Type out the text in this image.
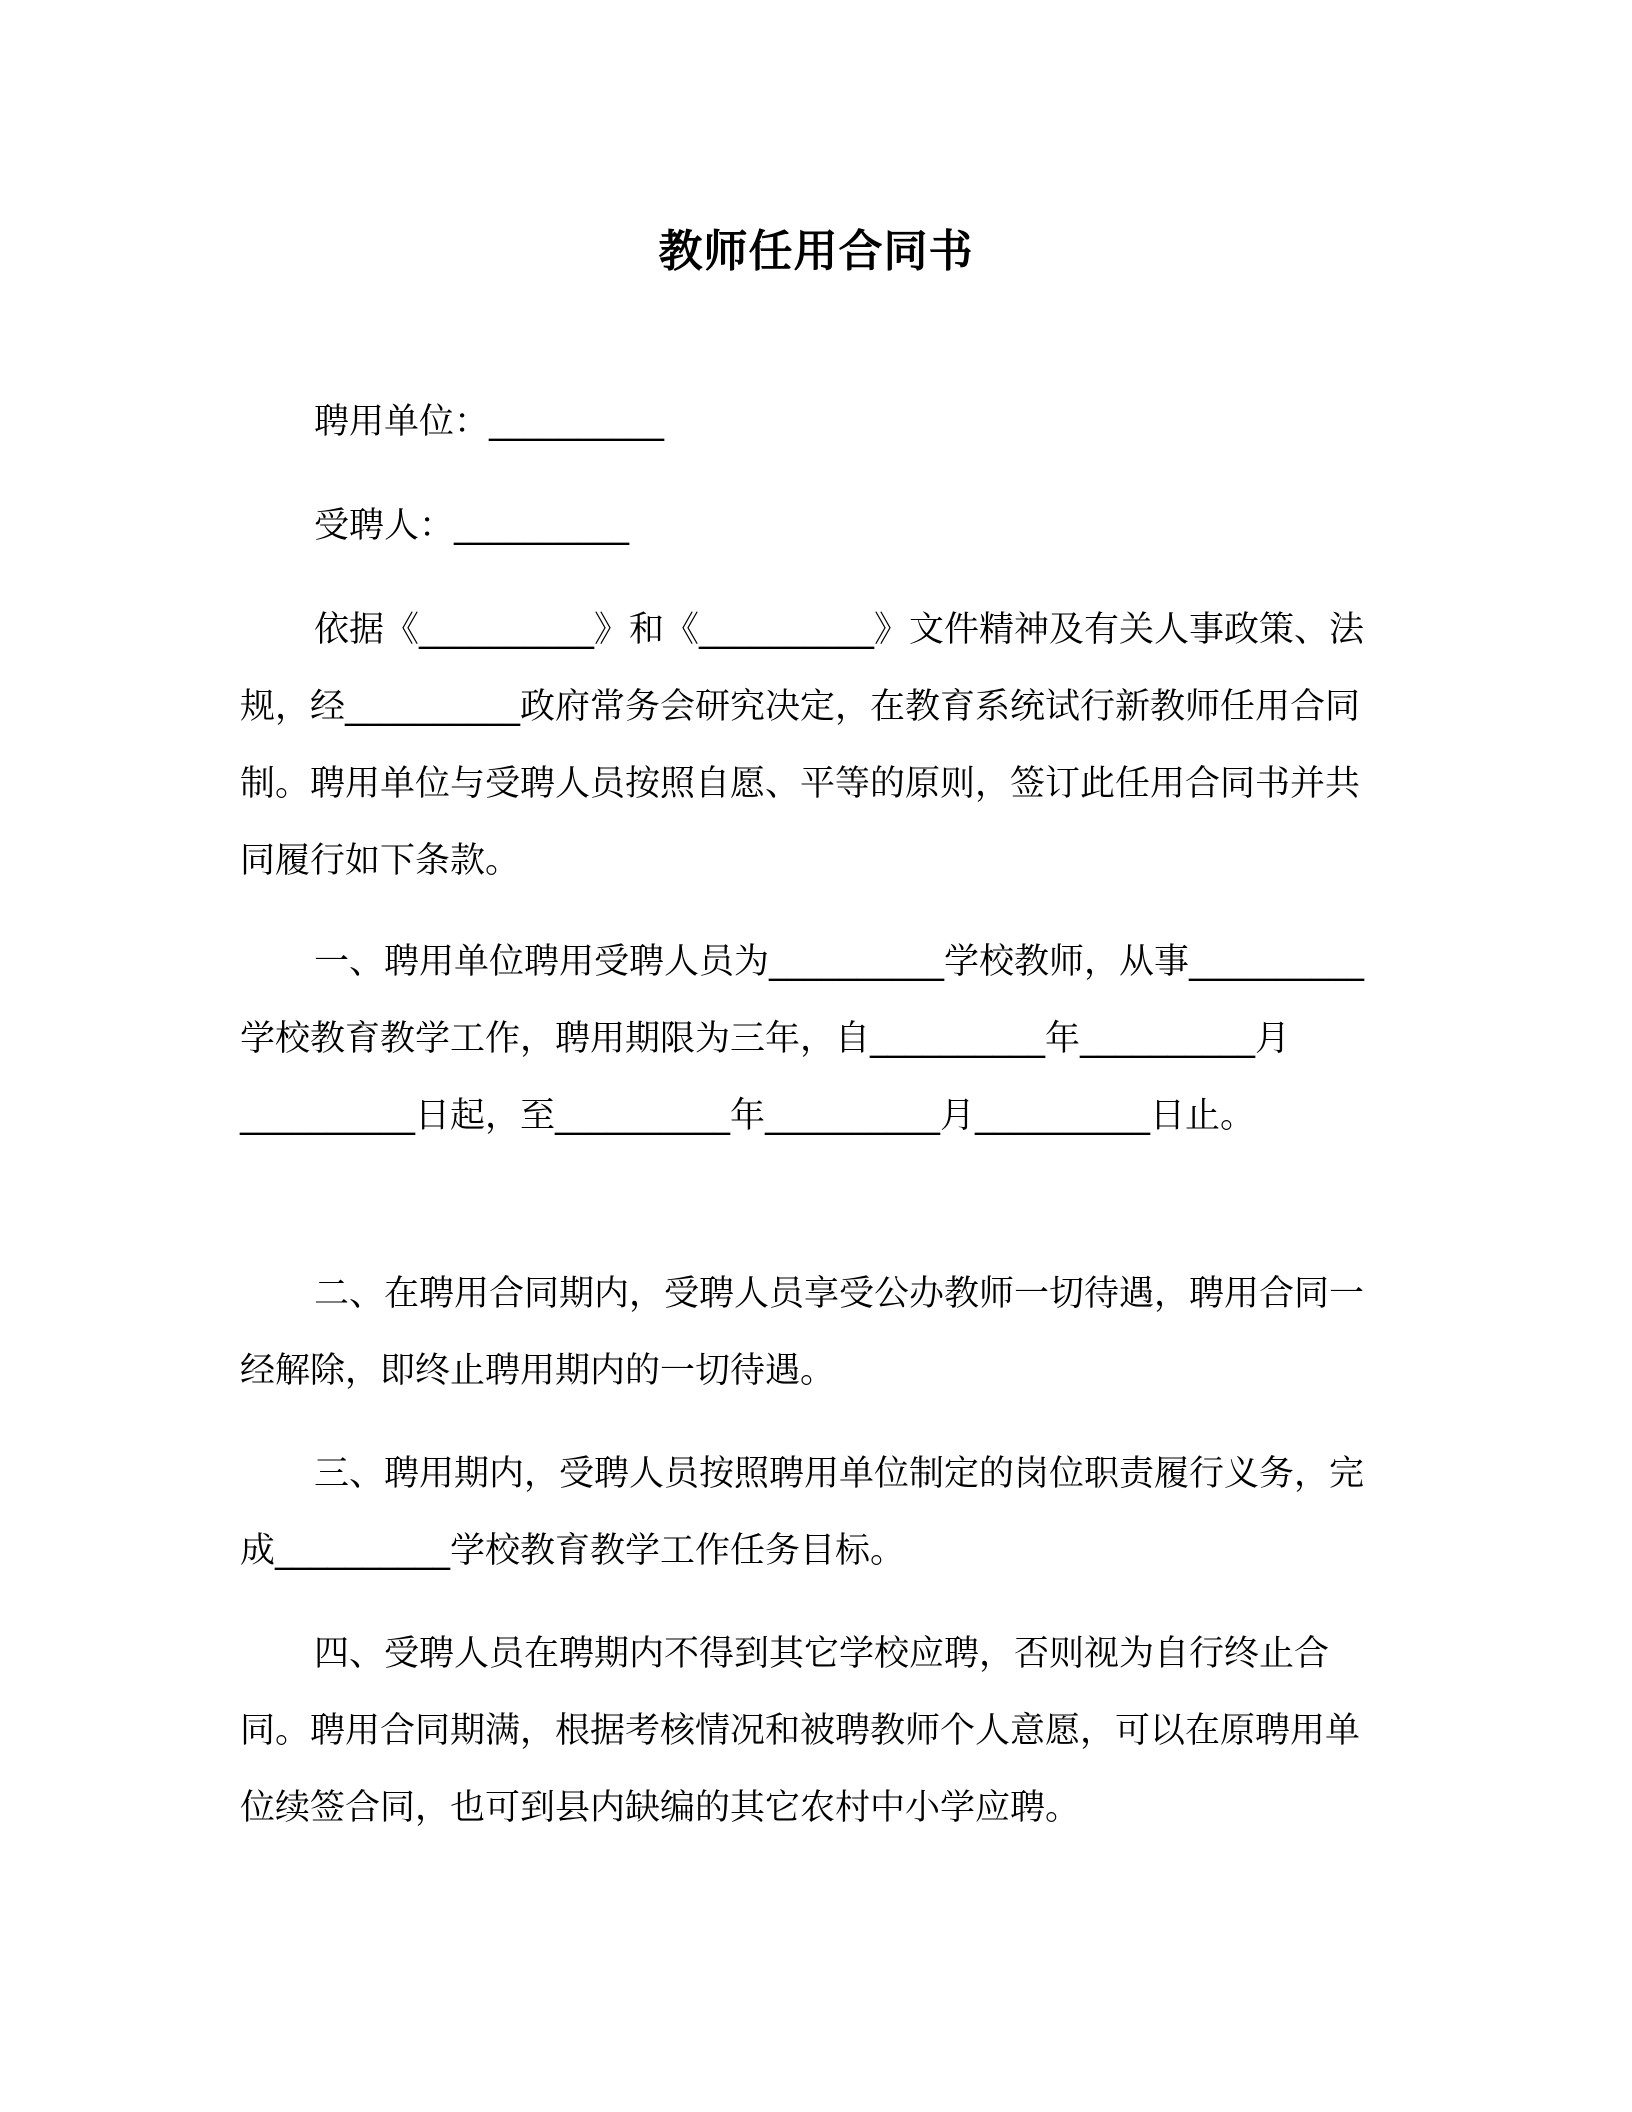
教师任用合同书
聘用单位：__________
受聘人：__________

依据《__________》和《__________》文件精神及有关人事政策、法规，经__________政府常务会研究决定，在教育系统试行新教师任用合同制。聘用单位与受聘人员按照自愿、平等的原则，签订此任用合同书并共同履行如下条款。

一、聘用单位聘用受聘人员为__________学校教师，从事__________学校教育教学工作，聘用期限为三年，自__________年__________月__________日起，至__________年__________月__________日止。

二、在聘用合同期内，受聘人员享受公办教师一切待遇，聘用合同一经解除，即终止聘用期内的一切待遇。

三、聘用期内，受聘人员按照聘用单位制定的岗位职责履行义务，完成__________学校教育教学工作任务目标。

四、受聘人员在聘期内不得到其它学校应聘，否则视为自行终止合同。聘用合同期满，根据考核情况和被聘教师个人意愿，可以在原聘用单位续签合同，也可到县内缺编的其它农村中小学应聘。
